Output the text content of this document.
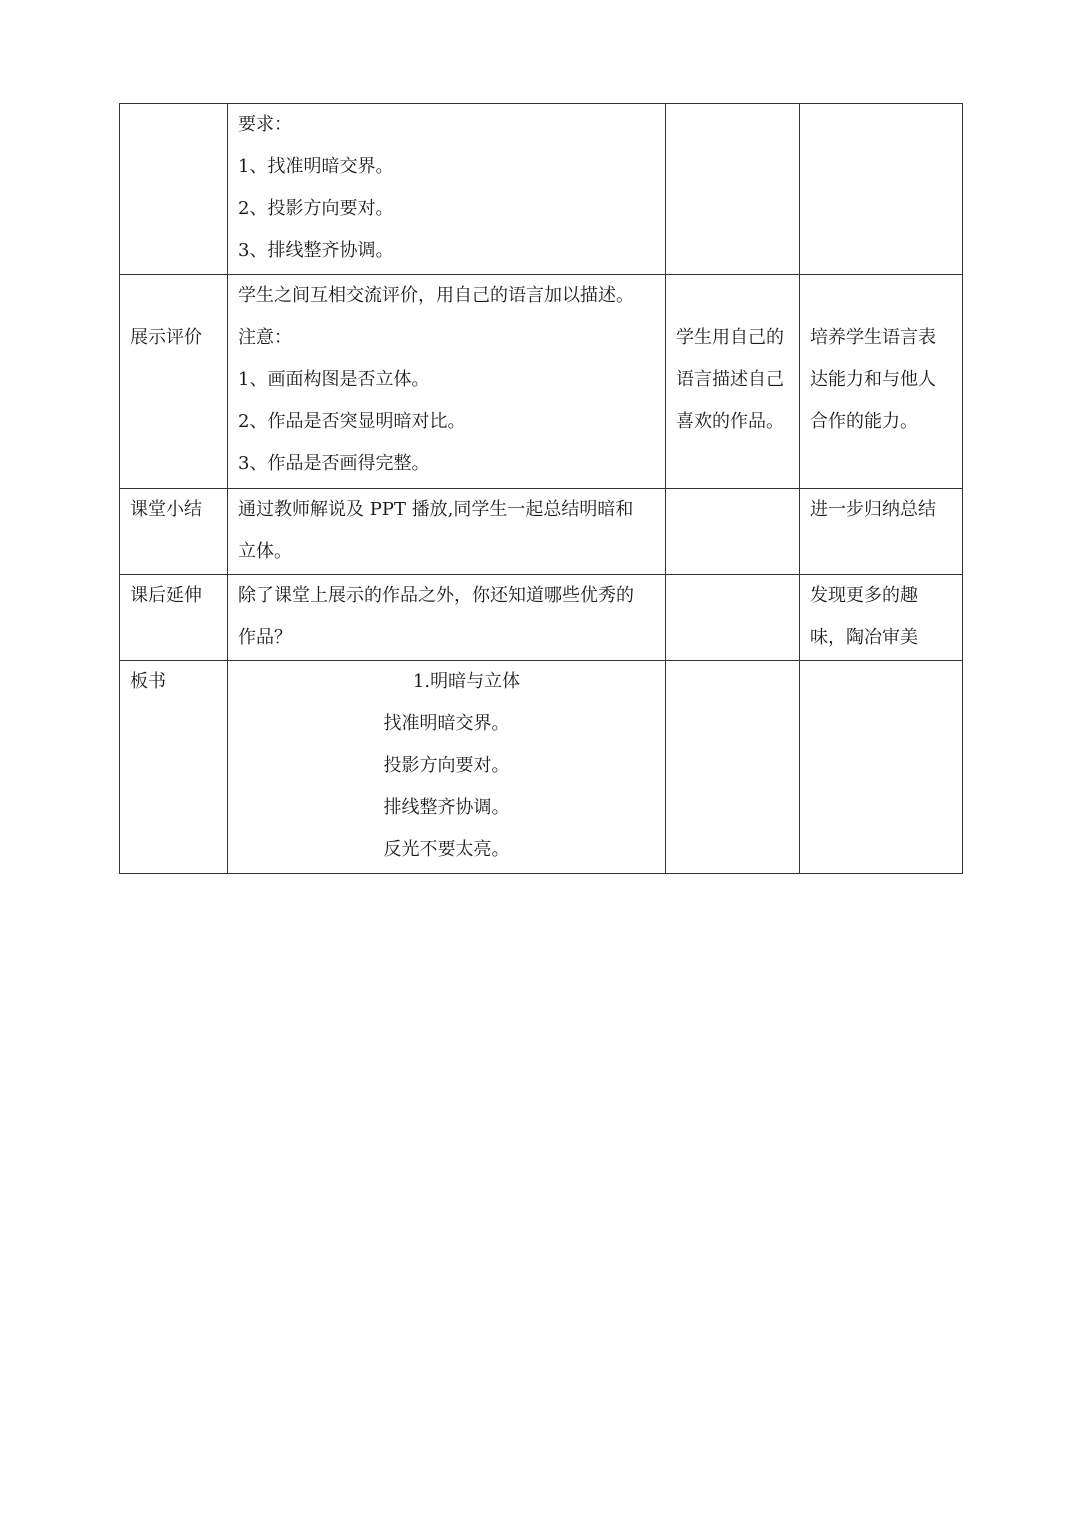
	要求：
1、找准明暗交界。
2、投影方向要对。
3、排线整齐协调。		

展示评价	学生之间互相交流评价，用自己的语言加以描述。
注意：
1、画面构图是否立体。
2、作品是否突显明暗对比。
3、作品是否画得完整。	学生用自己的
语言描述自己
喜欢的作品。	培养学生语言表
达能力和与他人
合作的能力。

课堂小结	通过教师解说及 PPT 播放,同学生一起总结明暗和
立体。		进一步归纳总结

课后延伸	除了课堂上展示的作品之外，你还知道哪些优秀的
作品？		发现更多的趣
味，陶冶审美

板书	1.明暗与立体
找准明暗交界。
投影方向要对。
排线整齐协调。
反光不要太亮。		
